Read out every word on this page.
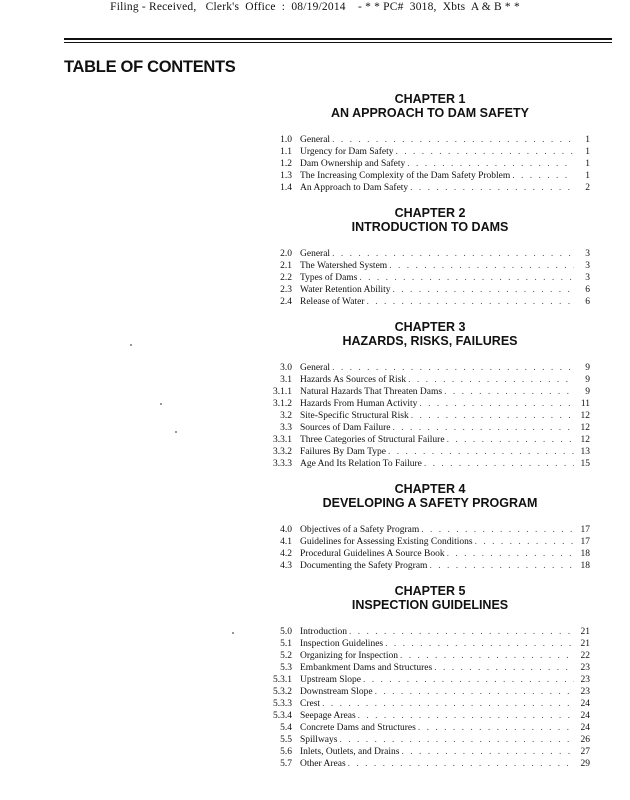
Filing - Received,   Clerk's  Office  :  08/19/2014    - * * PC#  3018,  Xbts  A & B * *
TABLE OF CONTENTS
CHAPTER 1
AN APPROACH TO DAM SAFETY
1.0 General . . .	1
1.1 Urgency for Dam Safety . . .	1
1.2 Dam Ownership and Safety . . .	1
1.3 The Increasing Complexity of the Dam Safety Problem . . .	1
1.4 An Approach to Dam Safety . . .	2
CHAPTER 2
INTRODUCTION TO DAMS
2.0 General . . .	3
2.1 The Watershed System . . .	3
2.2 Types of Dams . . .	3
2.3 Water Retention Ability . . .	6
2.4 Release of Water . . .	6
CHAPTER 3
HAZARDS, RISKS, FAILURES
3.0 General . . .	9
3.1 Hazards As Sources of Risk . . .	9
3.1.1 Natural Hazards That Threaten Dams . . .	9
3.1.2 Hazards From Human Activity . . .	11
3.2 Site-Specific Structural Risk . . .	12
3.3 Sources of Dam Failure . . .	12
3.3.1 Three Categories of Structural Failure . . .	12
3.3.2 Failures By Dam Type . . .	13
3.3.3 Age And Its Relation To Failure . . .	15
CHAPTER 4
DEVELOPING A SAFETY PROGRAM
4.0 Objectives of a Safety Program . . .	17
4.1 Guidelines for Assessing Existing Conditions . . .	17
4.2 Procedural Guidelines A Source Book . . .	18
4.3 Documenting the Safety Program . . .	18
CHAPTER 5
INSPECTION GUIDELINES
5.0 Introduction . . .	21
5.1 Inspection Guidelines . . .	21
5.2 Organizing for Inspection . . .	22
5.3 Embankment Dams and Structures . . .	23
5.3.1 Upstream Slope . . .	23
5.3.2 Downstream Slope . . .	23
5.3.3 Crest . . .	24
5.3.4 Seepage Areas . . .	24
5.4 Concrete Dams and Structures . . .	24
5.5 Spillways . . .	26
5.6 Inlets, Outlets, and Drains . . .	27
5.7 Other Areas . . .	29
